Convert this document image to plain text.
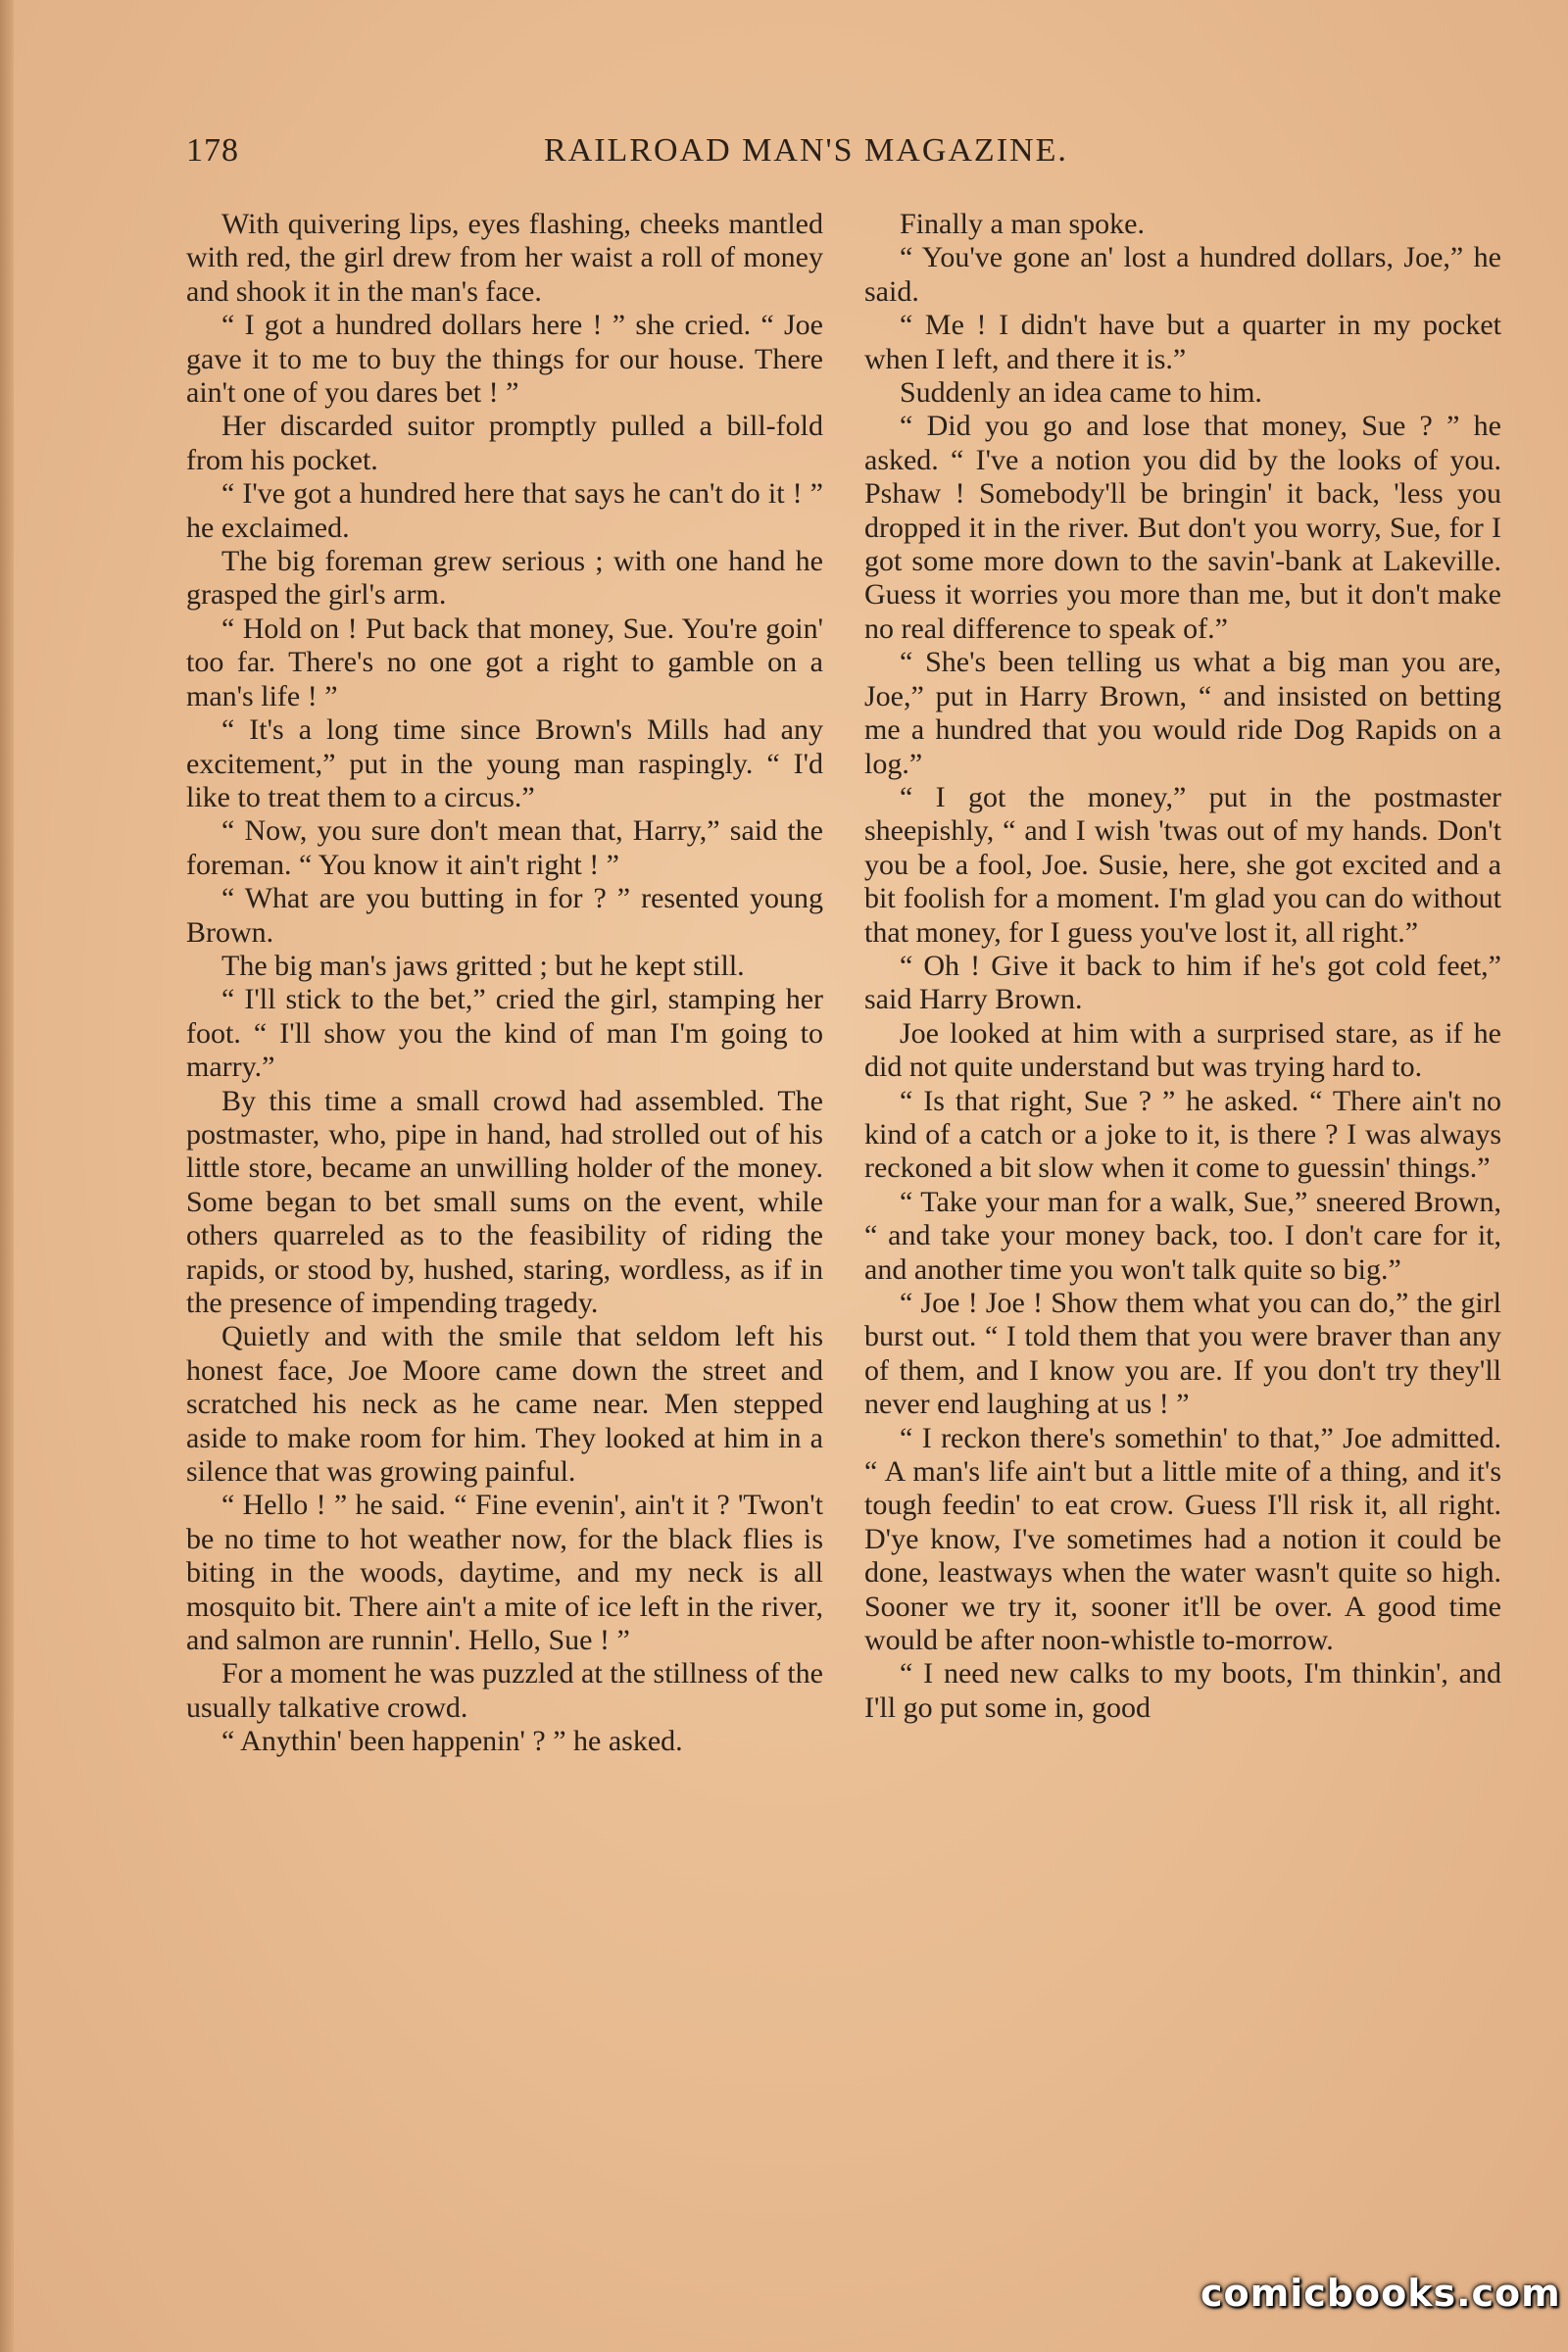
178	RAILROAD MAN'S MAGAZINE.

With quivering lips, eyes flashing, cheeks mantled with red, the girl drew from her waist a roll of money and shook it in the man's face.

“ I got a hundred dollars here ! ” she cried. “ Joe gave it to me to buy the things for our house. There ain't one of you dares bet ! ”

Her discarded suitor promptly pulled a bill-fold from his pocket.

“ I've got a hundred here that says he can't do it ! ” he exclaimed.

The big foreman grew serious ; with one hand he grasped the girl's arm.

“ Hold on ! Put back that money, Sue. You're goin' too far. There's no one got a right to gamble on a man's life ! ”

“ It's a long time since Brown's Mills had any excitement,” put in the young man raspingly. “ I'd like to treat them to a circus.”

“ Now, you sure don't mean that, Harry,” said the foreman. “ You know it ain't right ! ”

“ What are you butting in for ? ” resented young Brown.

The big man's jaws gritted ; but he kept still.

“ I'll stick to the bet,” cried the girl, stamping her foot. “ I'll show you the kind of man I'm going to marry.”

By this time a small crowd had assembled. The postmaster, who, pipe in hand, had strolled out of his little store, became an unwilling holder of the money. Some began to bet small sums on the event, while others quarreled as to the feasibility of riding the rapids, or stood by, hushed, staring, wordless, as if in the presence of impending tragedy.

Quietly and with the smile that seldom left his honest face, Joe Moore came down the street and scratched his neck as he came near. Men stepped aside to make room for him. They looked at him in a silence that was growing painful.

“ Hello ! ” he said. “ Fine evenin', ain't it ? 'Twon't be no time to hot weather now, for the black flies is biting in the woods, daytime, and my neck is all mosquito bit. There ain't a mite of ice left in the river, and salmon are runnin'. Hello, Sue ! ”

For a moment he was puzzled at the stillness of the usually talkative crowd.

“ Anythin' been happenin' ? ” he asked.

Finally a man spoke.

“ You've gone an' lost a hundred dollars, Joe,” he said.

“ Me ! I didn't have but a quarter in my pocket when I left, and there it is.”

Suddenly an idea came to him.

“ Did you go and lose that money, Sue ? ” he asked. “ I've a notion you did by the looks of you. Pshaw ! Somebody'll be bringin' it back, 'less you dropped it in the river. But don't you worry, Sue, for I got some more down to the savin'-bank at Lakeville. Guess it worries you more than me, but it don't make no real difference to speak of.”

“ She's been telling us what a big man you are, Joe,” put in Harry Brown, “ and insisted on betting me a hundred that you would ride Dog Rapids on a log.”

“ I got the money,” put in the postmaster sheepishly, “ and I wish 'twas out of my hands. Don't you be a fool, Joe. Susie, here, she got excited and a bit foolish for a moment. I'm glad you can do without that money, for I guess you've lost it, all right.”

“ Oh ! Give it back to him if he's got cold feet,” said Harry Brown.

Joe looked at him with a surprised stare, as if he did not quite understand but was trying hard to.

“ Is that right, Sue ? ” he asked. “ There ain't no kind of a catch or a joke to it, is there ? I was always reckoned a bit slow when it come to guessin' things.”

“ Take your man for a walk, Sue,” sneered Brown, “ and take your money back, too. I don't care for it, and another time you won't talk quite so big.”

“ Joe ! Joe ! Show them what you can do,” the girl burst out. “ I told them that you were braver than any of them, and I know you are. If you don't try they'll never end laughing at us ! ”

“ I reckon there's somethin' to that,” Joe admitted. “ A man's life ain't but a little mite of a thing, and it's tough feedin' to eat crow. Guess I'll risk it, all right. D'ye know, I've sometimes had a notion it could be done, leastways when the water wasn't quite so high. Sooner we try it, sooner it'll be over. A good time would be after noon-whistle to-morrow.

“ I need new calks to my boots, I'm thinkin', and I'll go put some in, good

comicbooks.com
